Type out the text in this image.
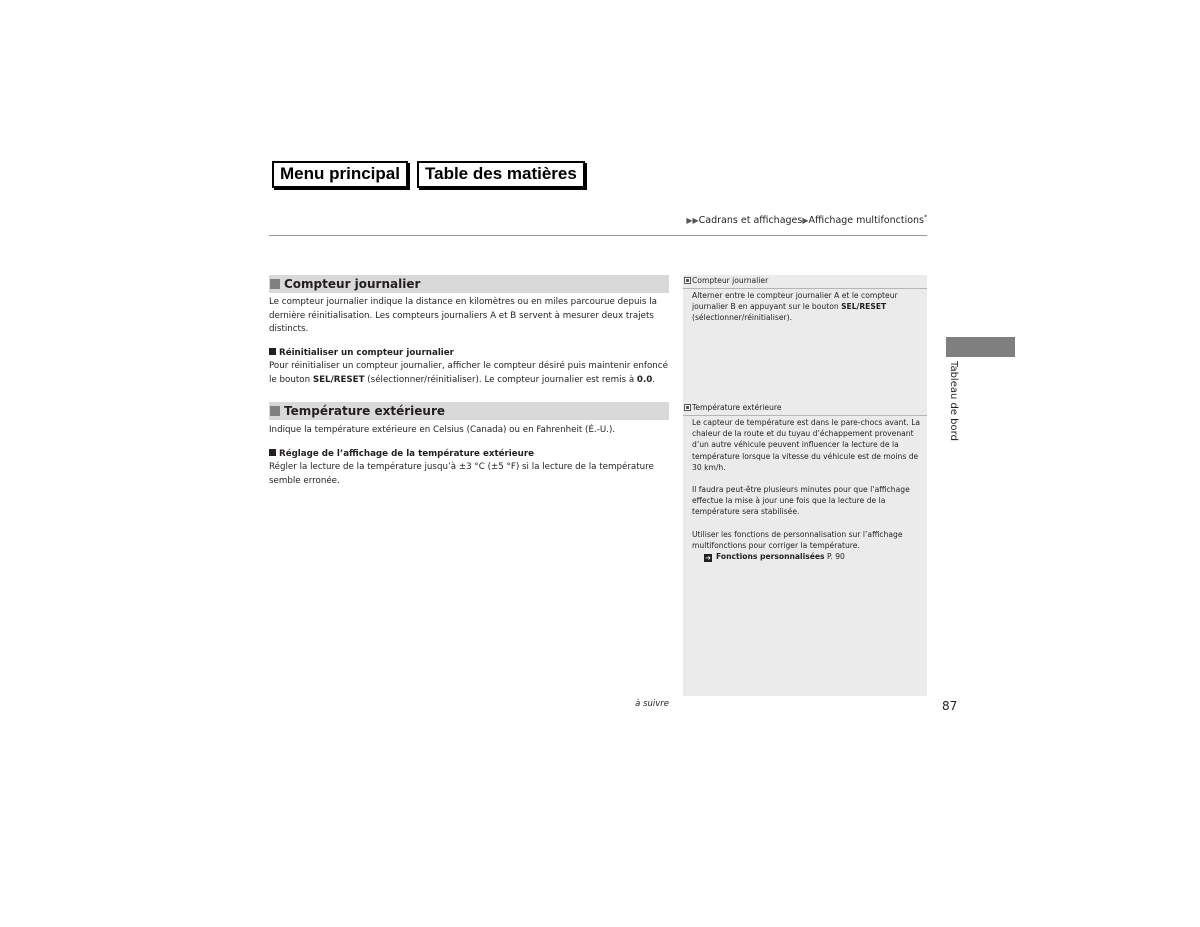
Menu principal	Table des matières
▶▶Cadrans et affichages▶Affichage multifonctions*
Compteur journalier

Le compteur journalier indique la distance en kilomètres ou en miles parcourue depuis la dernière réinitialisation. Les compteurs journaliers A et B servent à mesurer deux trajets distincts.

Réinitialiser un compteur journalier

Pour réinitialiser un compteur journalier, afficher le compteur désiré puis maintenir enfoncé le bouton SEL/RESET (sélectionner/réinitialiser). Le compteur journalier est remis à 0.0.

Température extérieure

Indique la température extérieure en Celsius (Canada) ou en Fahrenheit (É.-U.).

Réglage de l’affichage de la température extérieure

Régler la lecture de la température jusqu’à ±3 °C (±5 °F) si la lecture de la température semble erronée.

Compteur journalier

Alterner entre le compteur journalier A et le compteur journalier B en appuyant sur le bouton SEL/RESET (sélectionner/réinitialiser).

Température extérieure

Le capteur de température est dans le pare-chocs avant. La chaleur de la route et du tuyau d’échappement provenant d’un autre véhicule peuvent influencer la lecture de la température lorsque la vitesse du véhicule est de moins de 30 km/h.

Il faudra peut-être plusieurs minutes pour que l’affichage effectue la mise à jour une fois que la lecture de la température sera stabilisée.

Utiliser les fonctions de personnalisation sur l’affichage multifonctions pour corriger la température.

➔ Fonctions personnalisées P. 90
Tableau de bord
à suivre	87
